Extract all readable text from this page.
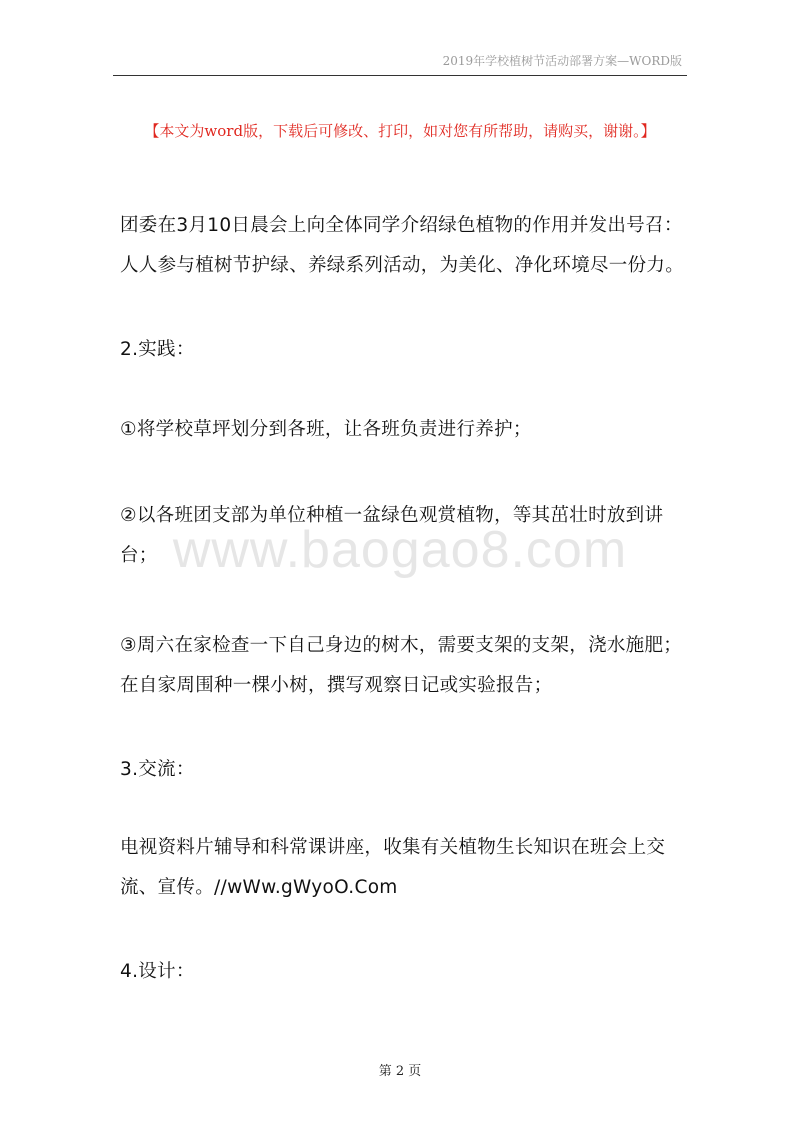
2019年学校植树节活动部署方案—WORD版
【本文为word版，下载后可修改、打印，如对您有所帮助，请购买，谢谢。】
www.baogao8.com
团委在3月10日晨会上向全体同学介绍绿色植物的作用并发出号召：
人人参与植树节护绿、养绿系列活动，为美化、净化环境尽一份力。
2.实践：
①将学校草坪划分到各班，让各班负责进行养护；
②以各班团支部为单位种植一盆绿色观赏植物，等其茁壮时放到讲
台；
③周六在家检查一下自己身边的树木，需要支架的支架，浇水施肥；
在自家周围种一棵小树，撰写观察日记或实验报告；
3.交流：
电视资料片辅导和科常课讲座，收集有关植物生长知识在班会上交
流、宣传。//wWw.gWyoO.Com
4.设计：
第 2 页
